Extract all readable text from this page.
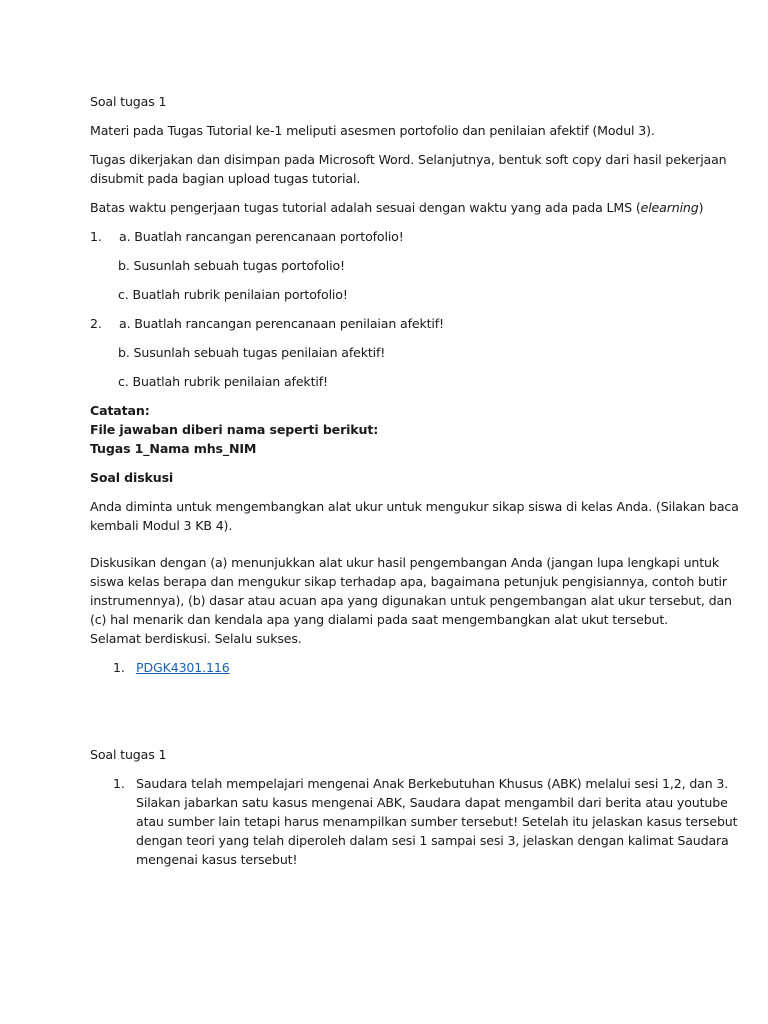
Soal tugas 1
Materi pada Tugas Tutorial ke-1 meliputi asesmen portofolio dan penilaian afektif (Modul 3).
Tugas dikerjakan dan disimpan pada Microsoft Word. Selanjutnya, bentuk soft copy dari hasil pekerjaan
disubmit pada bagian upload tugas tutorial.
Batas waktu pengerjaan tugas tutorial adalah sesuai dengan waktu yang ada pada LMS (elearning)
1. a. Buatlah rancangan perencanaan portofolio!
b. Susunlah sebuah tugas portofolio!
c. Buatlah rubrik penilaian portofolio!
2. a. Buatlah rancangan perencanaan penilaian afektif!
b. Susunlah sebuah tugas penilaian afektif!
c. Buatlah rubrik penilaian afektif!
Catatan:
File jawaban diberi nama seperti berikut:
Tugas 1_Nama mhs_NIM
Soal diskusi
Anda diminta untuk mengembangkan alat ukur untuk mengukur sikap siswa di kelas Anda. (Silakan baca
kembali Modul 3 KB 4).
Diskusikan dengan (a) menunjukkan alat ukur hasil pengembangan Anda (jangan lupa lengkapi untuk
siswa kelas berapa dan mengukur sikap terhadap apa, bagaimana petunjuk pengisiannya, contoh butir
instrumennya), (b) dasar atau acuan apa yang digunakan untuk pengembangan alat ukur tersebut, dan
(c) hal menarik dan kendala apa yang dialami pada saat mengembangkan alat ukut tersebut.
Selamat berdiskusi. Selalu sukses.
1. PDGK4301.116
Soal tugas 1
1. Saudara telah mempelajari mengenai Anak Berkebutuhan Khusus (ABK) melalui sesi 1,2, dan 3.
Silakan jabarkan satu kasus mengenai ABK, Saudara dapat mengambil dari berita atau youtube
atau sumber lain tetapi harus menampilkan sumber tersebut! Setelah itu jelaskan kasus tersebut
dengan teori yang telah diperoleh dalam sesi 1 sampai sesi 3, jelaskan dengan kalimat Saudara
mengenai kasus tersebut!
